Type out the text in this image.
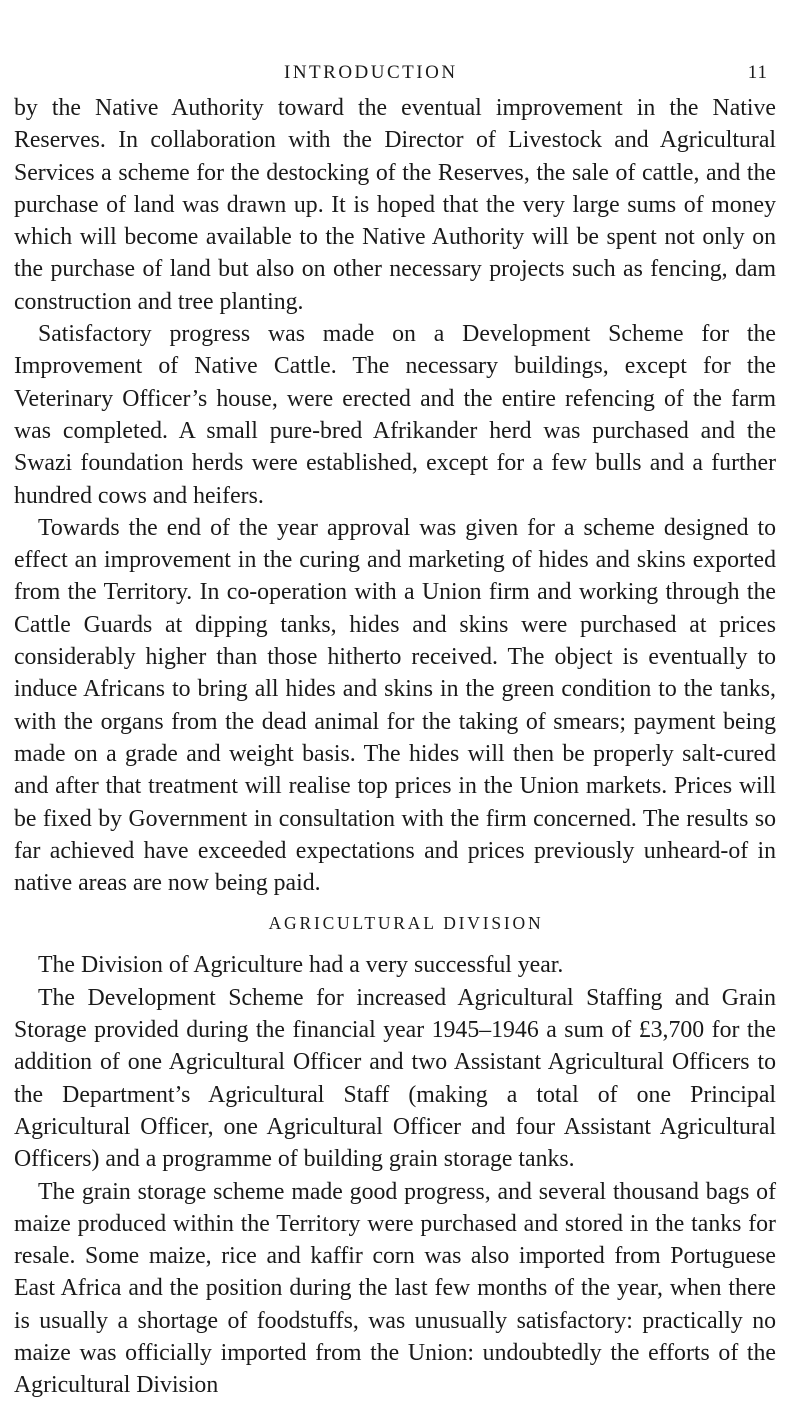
INTRODUCTION	11

by the Native Authority toward the eventual improvement in the Native Reserves. In collaboration with the Director of Livestock and Agricultural Services a scheme for the destocking of the Reserves, the sale of cattle, and the purchase of land was drawn up. It is hoped that the very large sums of money which will become available to the Native Authority will be spent not only on the purchase of land but also on other necessary projects such as fencing, dam construction and tree planting.

Satisfactory progress was made on a Development Scheme for the Improvement of Native Cattle. The necessary buildings, except for the Veterinary Officer’s house, were erected and the entire refencing of the farm was completed. A small pure-bred Afrikander herd was purchased and the Swazi foundation herds were established, except for a few bulls and a further hundred cows and heifers.

Towards the end of the year approval was given for a scheme designed to effect an improvement in the curing and marketing of hides and skins exported from the Territory. In co-operation with a Union firm and working through the Cattle Guards at dipping tanks, hides and skins were purchased at prices considerably higher than those hitherto received. The object is eventually to induce Africans to bring all hides and skins in the green condition to the tanks, with the organs from the dead animal for the taking of smears; payment being made on a grade and weight basis. The hides will then be properly salt-cured and after that treatment will realise top prices in the Union markets. Prices will be fixed by Government in consultation with the firm concerned. The results so far achieved have exceeded expectations and prices previously unheard-of in native areas are now being paid.

AGRICULTURAL DIVISION

The Division of Agriculture had a very successful year.

The Development Scheme for increased Agricultural Staffing and Grain Storage provided during the financial year 1945–1946 a sum of £3,700 for the addition of one Agricultural Officer and two Assistant Agricultural Officers to the Department’s Agricultural Staff (making a total of one Principal Agricultural Officer, one Agricultural Officer and four Assistant Agricultural Officers) and a programme of building grain storage tanks.

The grain storage scheme made good progress, and several thousand bags of maize produced within the Territory were purchased and stored in the tanks for resale. Some maize, rice and kaffir corn was also imported from Portuguese East Africa and the position during the last few months of the year, when there is usually a shortage of foodstuffs, was unusually satisfactory: practically no maize was officially imported from the Union: undoubtedly the efforts of the Agricultural Division
